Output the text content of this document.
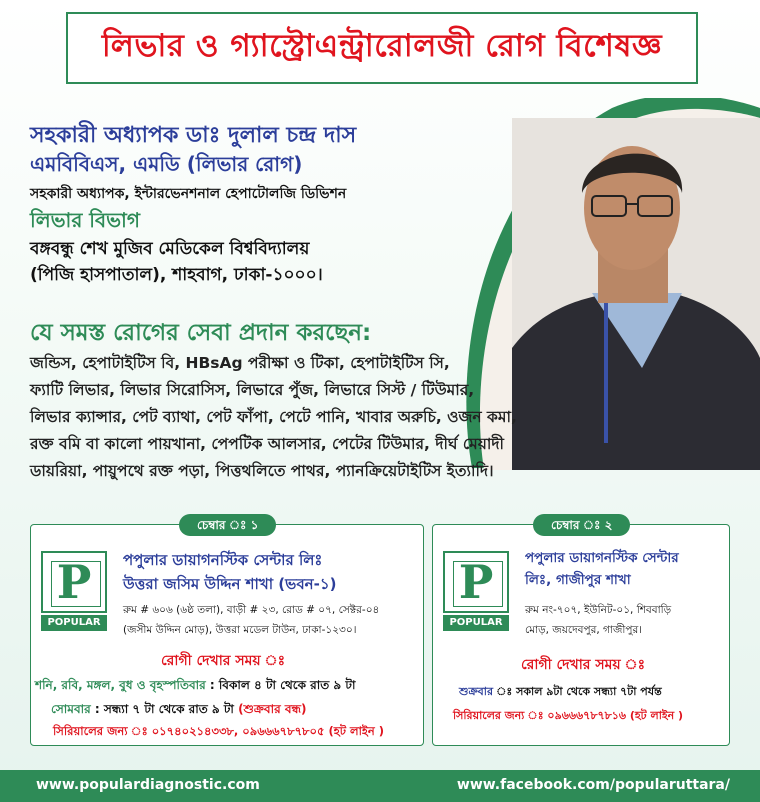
লিভার ও গ্যাস্ট্রোএন্ট্রারোলজী রোগ বিশেষজ্ঞ
সহকারী অধ্যাপক ডাঃ দুলাল চন্দ্র দাস
এমবিবিএস, এমডি (লিভার রোগ)
সহকারী অধ্যাপক, ইন্টারভেনশনাল হেপাটোলজি ডিভিশন
লিভার বিভাগ
বঙ্গবন্ধু শেখ মুজিব মেডিকেল বিশ্ববিদ্যালয়
(পিজি হাসপাতাল), শাহবাগ, ঢাকা-১০০০।
যে সমস্ত রোগের সেবা প্রদান করছেন:
জন্ডিস, হেপাটাইটিস বি, HBsAg পরীক্ষা ও টিকা, হেপাটাইটিস সি,
ফ্যাটি লিভার, লিভার সিরোসিস, লিভারে পুঁজ, লিভারে সিস্ট / টিউমার,
লিভার ক্যান্সার, পেট ব্যাথা, পেট ফাঁপা, পেটে পানি, খাবার অরুচি, ওজন কমা,
রক্ত বমি বা কালো পায়খানা, পেপটিক আলসার, পেটের টিউমার, দীর্ঘ মেয়াদী
ডায়রিয়া, পায়ুপথে রক্ত পড়া, পিত্তথলিতে পাথর, প্যানক্রিয়েটাইটিস ইত্যাদি।
চেম্বার ঃ ১
P
POPULAR
পপুলার ডায়াগনস্টিক সেন্টার লিঃ
উত্তরা জসিম উদ্দিন শাখা (ভবন-১)
রুম # ৬০৬ (৬ষ্ঠ তলা), বাড়ী # ২৩, রোড # ০৭, সেক্টর-০৪
(জসীম উদ্দিন মোড়), উত্তরা মডেল টাউন, ঢাকা-১২৩০।
রোগী দেখার সময় ঃ
শনি, রবি, মঙ্গল, বুধ ও বৃহস্পতিবার : বিকাল ৪ টা থেকে রাত ৯ টা
সোমবার : সন্ধ্যা ৭ টা থেকে রাত ৯ টা (শুক্রবার বন্ধ)
সিরিয়ালের জন্য ঃ ০১৭৪০২১৪৩৩৮, ০৯৬৬৬৭৮৭৮০৫ (হট লাইন )
চেম্বার ঃ ২
P
POPULAR
পপুলার ডায়াগনস্টিক সেন্টার
লিঃ, গাজীপুর শাখা
রুম নং-৭০৭, ইউনিট-০১, শিববাড়ি
মোড়, জয়দেবপুর, গাজীপুর।
রোগী দেখার সময় ঃ
শুক্রবার ঃ সকাল ৯টা থেকে সন্ধ্যা ৭টা পর্যন্ত
সিরিয়ালের জন্য ঃ ০৯৬৬৬৭৮৭৮১৬ (হট লাইন )
www.populardiagnostic.com	www.facebook.com/popularuttara/
